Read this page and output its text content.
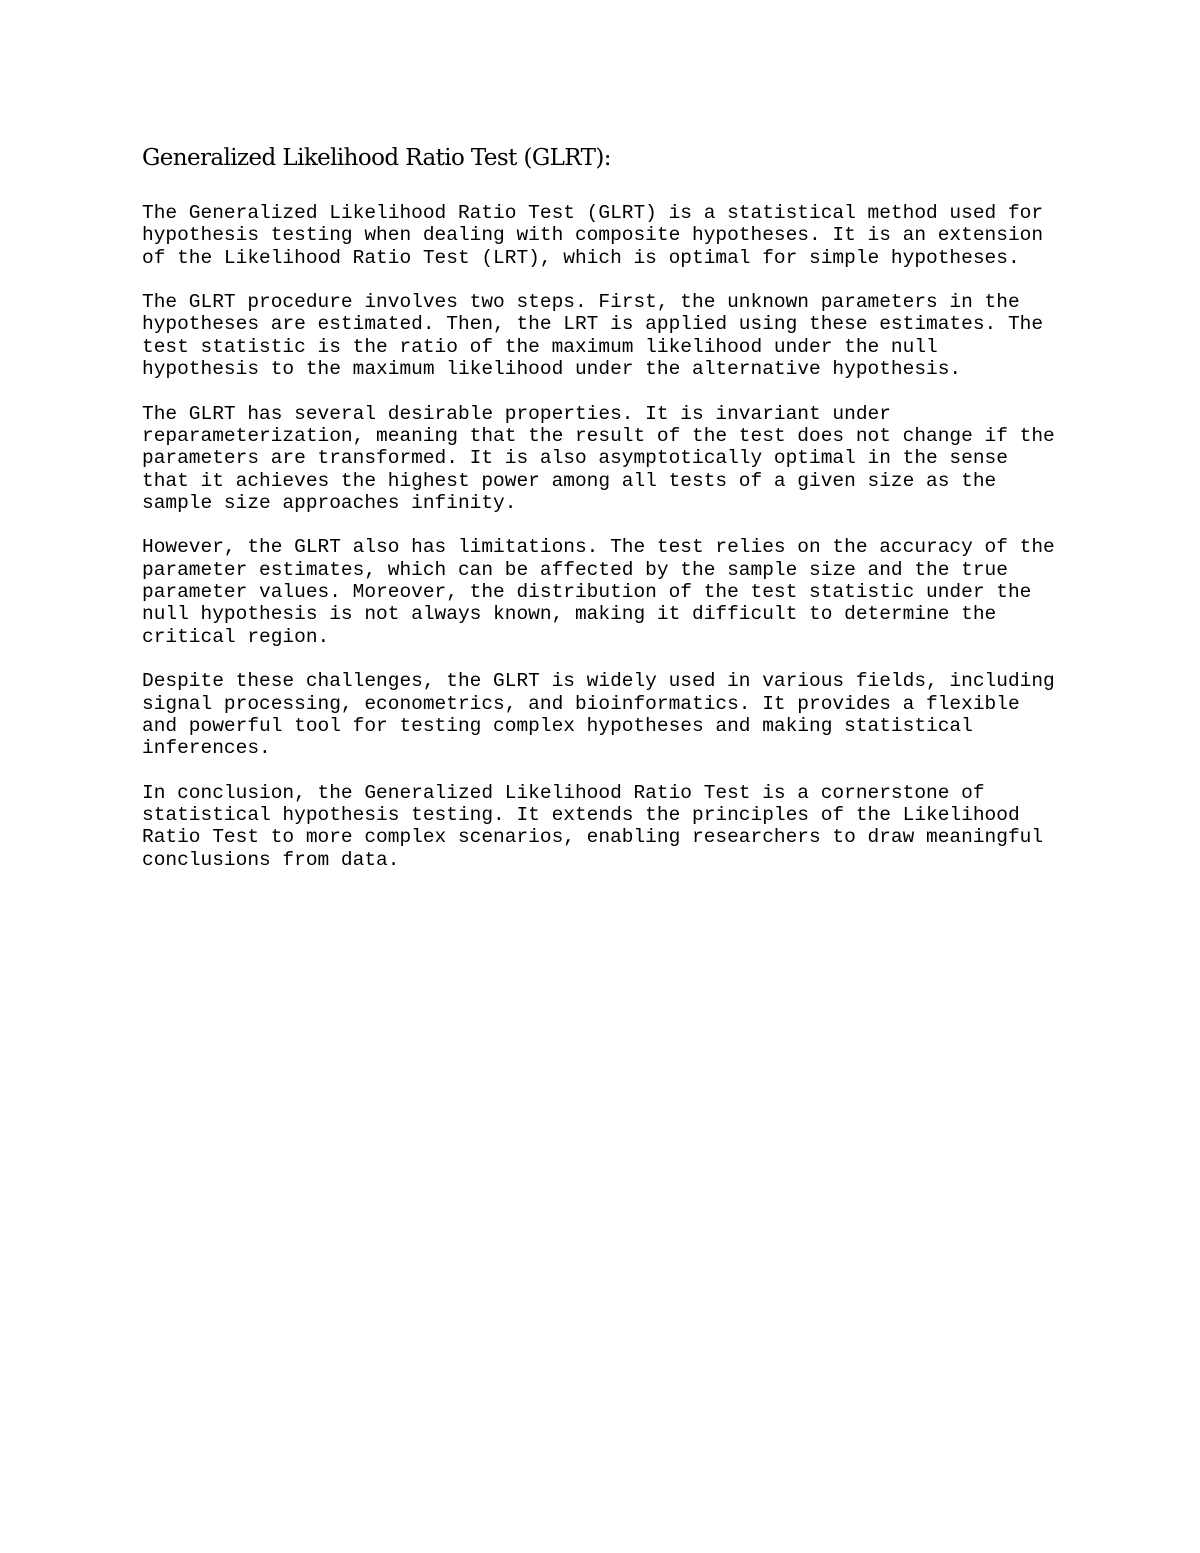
Generalized Likelihood Ratio Test (GLRT):

The Generalized Likelihood Ratio Test (GLRT) is a statistical method used for
hypothesis testing when dealing with composite hypotheses. It is an extension
of the Likelihood Ratio Test (LRT), which is optimal for simple hypotheses.

The GLRT procedure involves two steps. First, the unknown parameters in the
hypotheses are estimated. Then, the LRT is applied using these estimates. The
test statistic is the ratio of the maximum likelihood under the null
hypothesis to the maximum likelihood under the alternative hypothesis.

The GLRT has several desirable properties. It is invariant under
reparameterization, meaning that the result of the test does not change if the
parameters are transformed. It is also asymptotically optimal in the sense
that it achieves the highest power among all tests of a given size as the
sample size approaches infinity.

However, the GLRT also has limitations. The test relies on the accuracy of the
parameter estimates, which can be affected by the sample size and the true
parameter values. Moreover, the distribution of the test statistic under the
null hypothesis is not always known, making it difficult to determine the
critical region.

Despite these challenges, the GLRT is widely used in various fields, including
signal processing, econometrics, and bioinformatics. It provides a flexible
and powerful tool for testing complex hypotheses and making statistical
inferences.

In conclusion, the Generalized Likelihood Ratio Test is a cornerstone of
statistical hypothesis testing. It extends the principles of the Likelihood
Ratio Test to more complex scenarios, enabling researchers to draw meaningful
conclusions from data.
